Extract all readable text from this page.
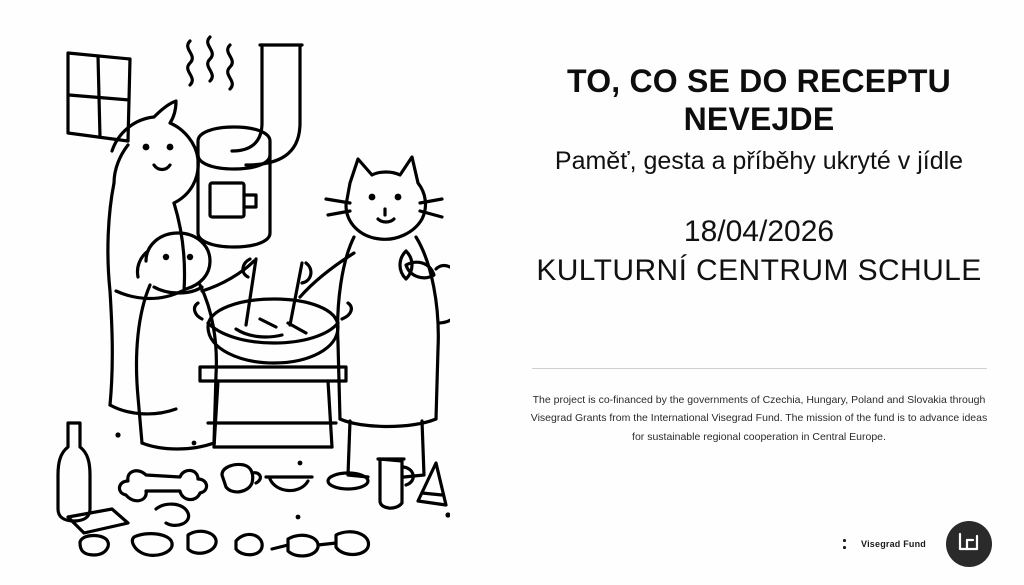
TO, CO SE DO RECEPTU NEVEJDE
Paměť, gesta a příběhy ukryté v jídle
18/04/2026
KULTURNÍ CENTRUM SCHULE
The project is co-financed by the governments of Czechia, Hungary, Poland and Slovakia through Visegrad Grants from the International Visegrad Fund. The mission of the fund is to advance ideas for sustainable regional cooperation in Central Europe.
Visegrad Fund
